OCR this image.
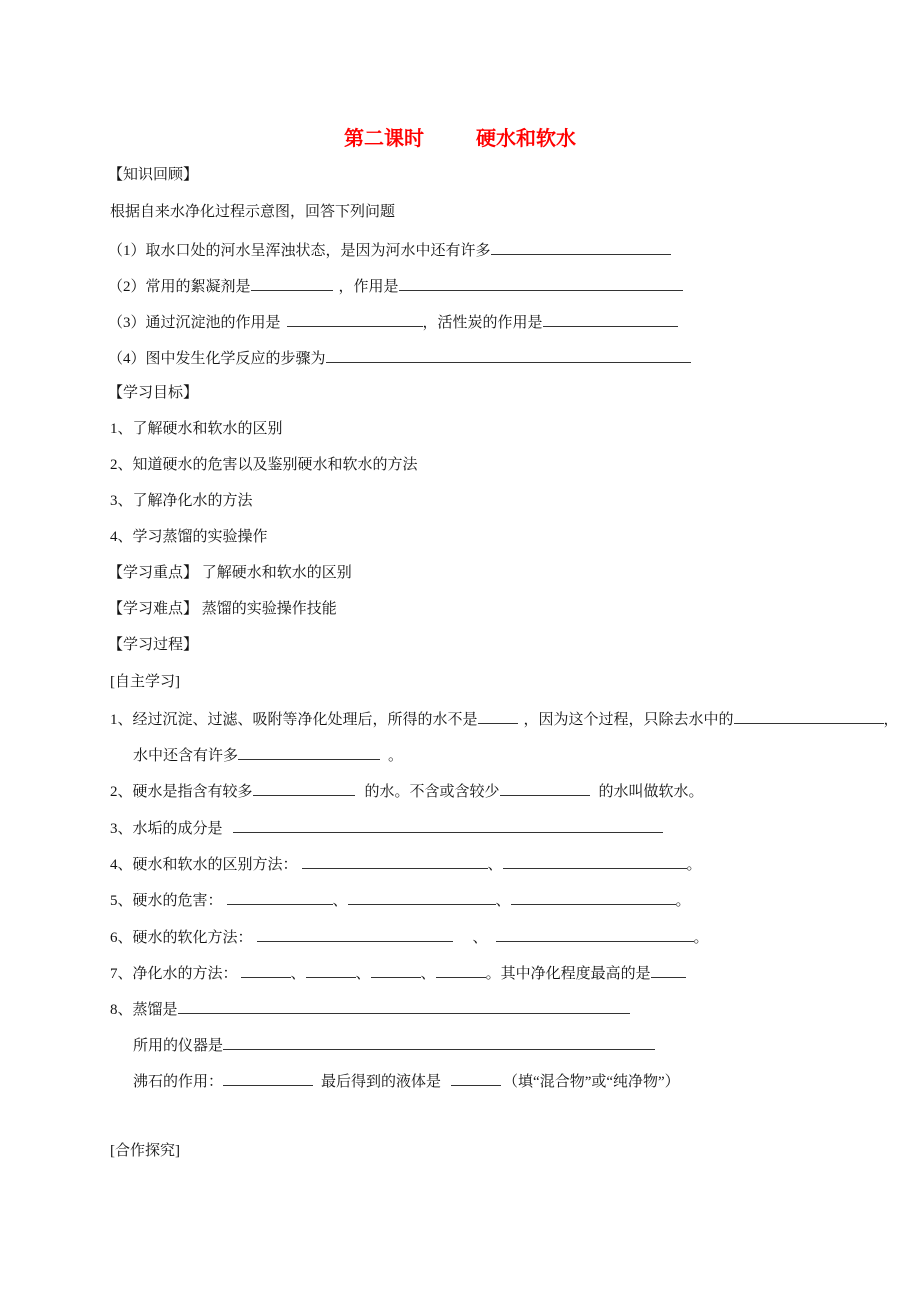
第二课时	硬水和软水
【知识回顾】
根据自来水净化过程示意图，回答下列问题
（1）取水口处的河水呈浑浊状态，是因为河水中还有许多
（2）常用的絮凝剂是	，作用是
（3）通过沉淀池的作用是	，活性炭的作用是
（4）图中发生化学反应的步骤为
【学习目标】
1、了解硬水和软水的区别
2、知道硬水的危害以及鉴别硬水和软水的方法
3、了解净化水的方法
4、学习蒸馏的实验操作
【学习重点】 了解硬水和软水的区别
【学习难点】 蒸馏的实验操作技能
【学习过程】
[自主学习]
1、经过沉淀、过滤、吸附等净化处理后，所得的水不是	，因为这个过程，只除去水中的	，
水中还含有许多	。
2、硬水是指含有较多	的水。不含或含较少	的水叫做软水。
3、水垢的成分是
4、硬水和软水的区别方法：	、	。
5、硬水的危害：	、	、	。
6、硬水的软化方法：	、	。
7、净化水的方法：	、	、	、	。其中净化程度最高的是
8、蒸馏是
所用的仪器是
沸石的作用：	最后得到的液体是	（填“混合物”或“纯净物”）
[合作探究]
